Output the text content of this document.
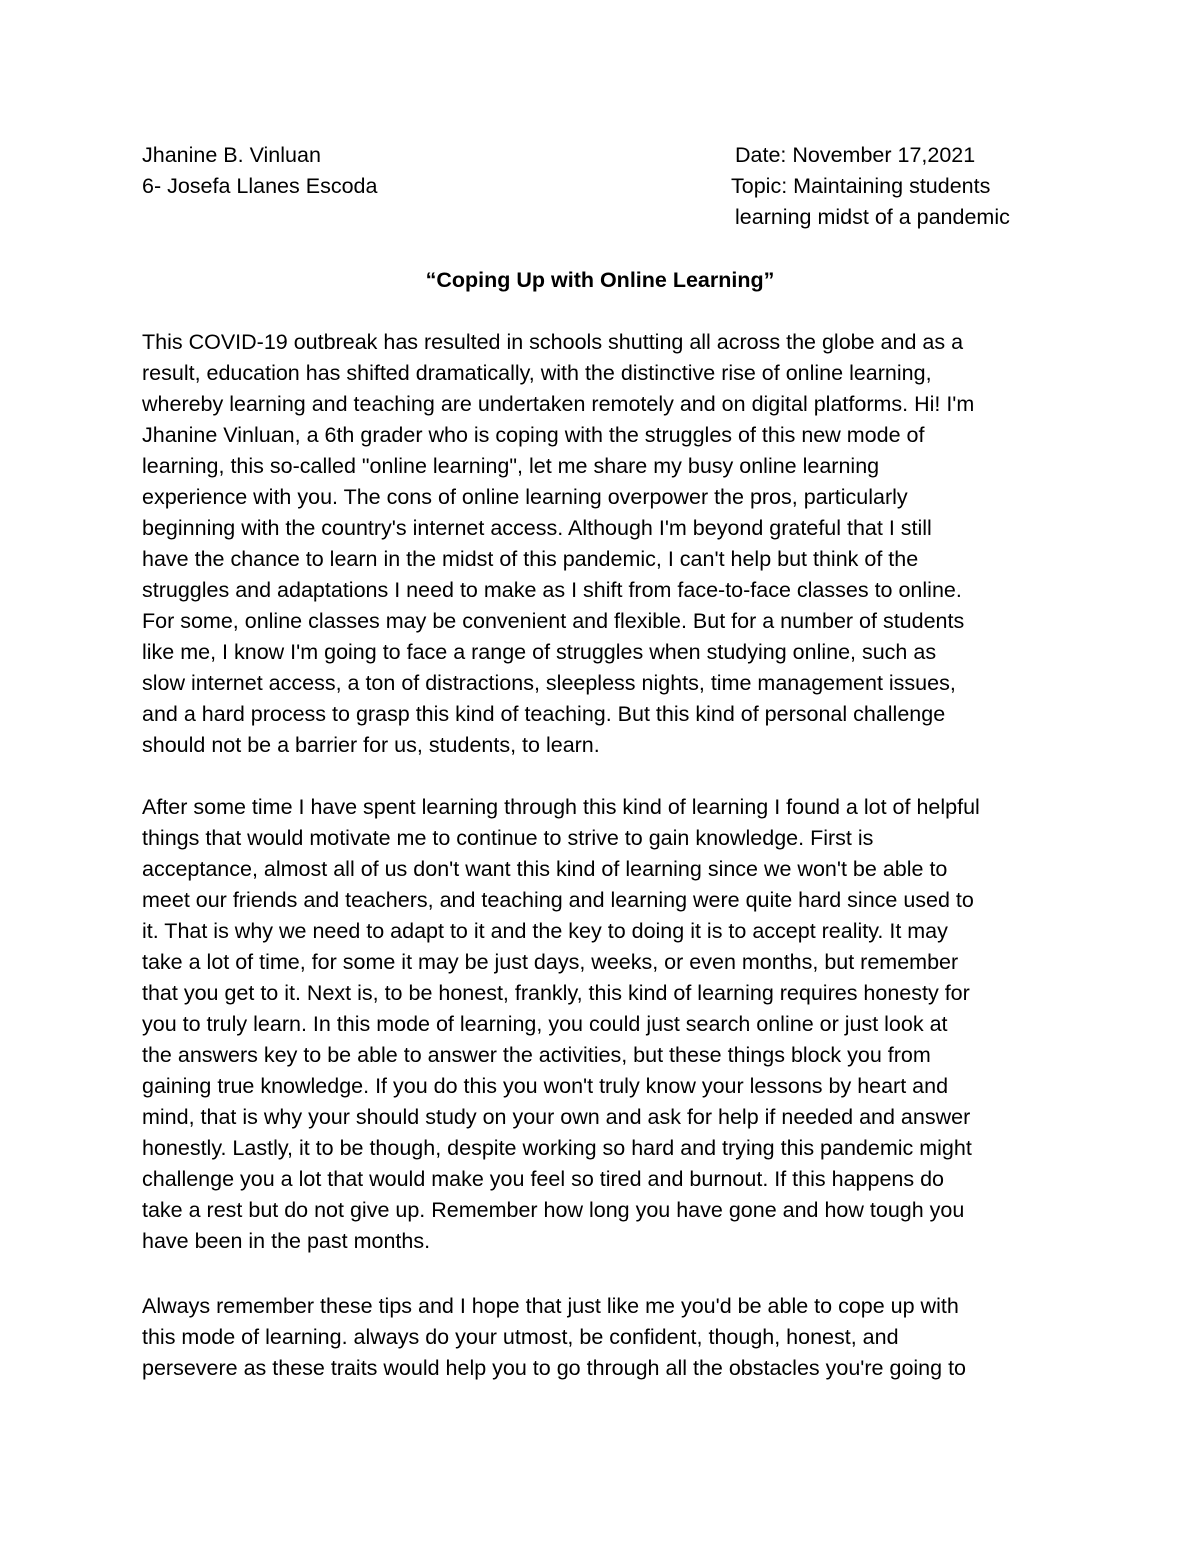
Jhanine B. Vinluan	Date: November 17,2021
6- Josefa Llanes Escoda	Topic: Maintaining students
learning midst of a pandemic
“Coping Up with Online Learning”
This COVID-19 outbreak has resulted in schools shutting all across the globe and as a
result, education has shifted dramatically, with the distinctive rise of online learning,
whereby learning and teaching are undertaken remotely and on digital platforms. Hi! I'm
Jhanine Vinluan, a 6th grader who is coping with the struggles of this new mode of
learning, this so-called "online learning", let me share my busy online learning
experience with you. The cons of online learning overpower the pros, particularly
beginning with the country's internet access. Although I'm beyond grateful that I still
have the chance to learn in the midst of this pandemic, I can't help but think of the
struggles and adaptations I need to make as I shift from face-to-face classes to online.
For some, online classes may be convenient and flexible. But for a number of students
like me, I know I'm going to face a range of struggles when studying online, such as
slow internet access, a ton of distractions, sleepless nights, time management issues,
and a hard process to grasp this kind of teaching. But this kind of personal challenge
should not be a barrier for us, students, to learn.
After some time I have spent learning through this kind of learning I found a lot of helpful
things that would motivate me to continue to strive to gain knowledge. First is
acceptance, almost all of us don't want this kind of learning since we won't be able to
meet our friends and teachers, and teaching and learning were quite hard since used to
it. That is why we need to adapt to it and the key to doing it is to accept reality. It may
take a lot of time, for some it may be just days, weeks, or even months, but remember
that you get to it. Next is, to be honest, frankly, this kind of learning requires honesty for
you to truly learn. In this mode of learning, you could just search online or just look at
the answers key to be able to answer the activities, but these things block you from
gaining true knowledge. If you do this you won't truly know your lessons by heart and
mind, that is why your should study on your own and ask for help if needed and answer
honestly. Lastly, it to be though, despite working so hard and trying this pandemic might
challenge you a lot that would make you feel so tired and burnout. If this happens do
take a rest but do not give up. Remember how long you have gone and how tough you
have been in the past months.
Always remember these tips and I hope that just like me you'd be able to cope up with
this mode of learning. always do your utmost, be confident, though, honest, and
persevere as these traits would help you to go through all the obstacles you're going to
